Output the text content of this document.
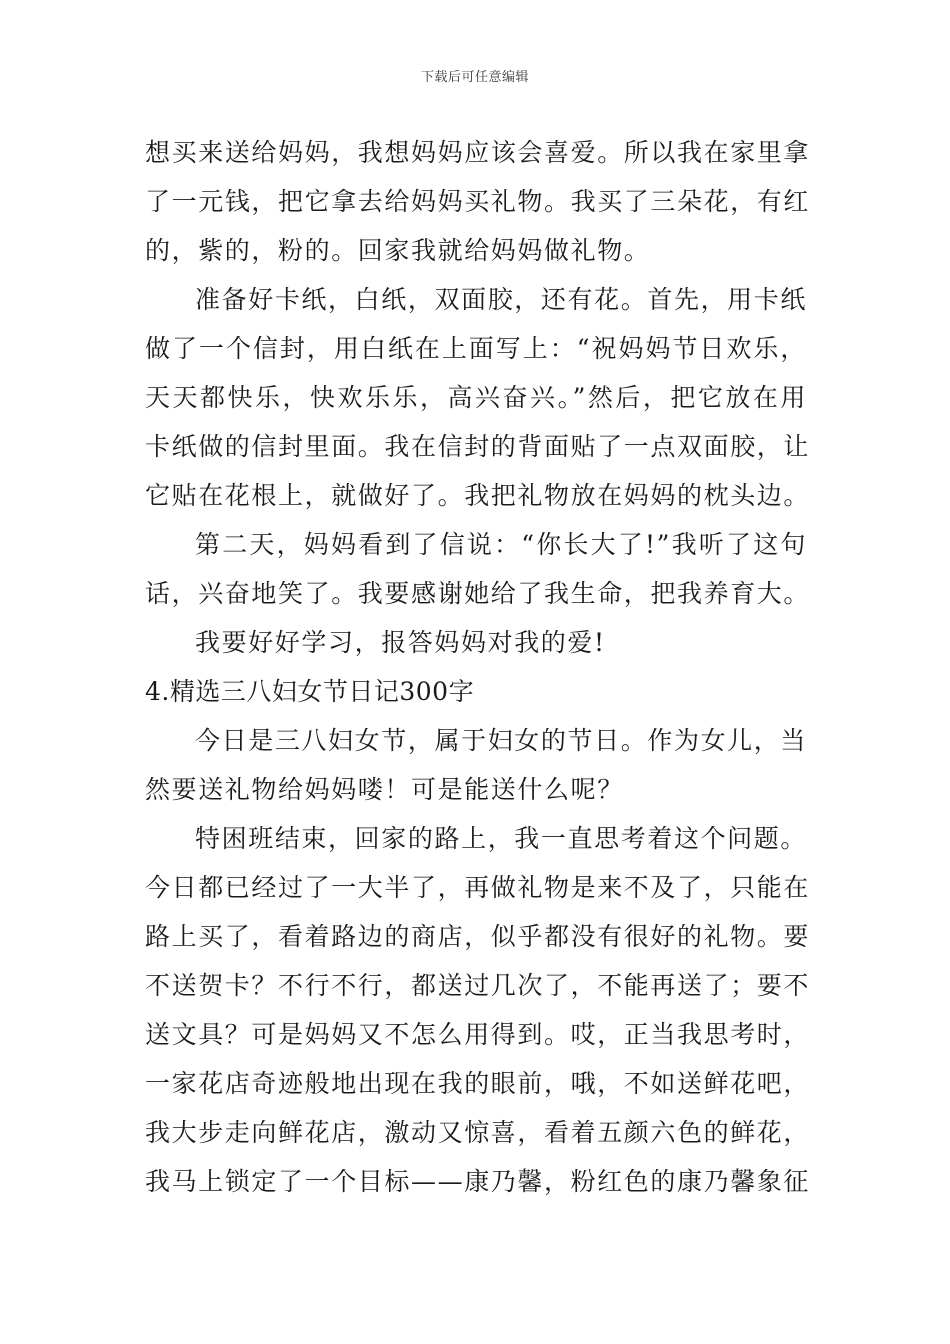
下载后可任意编辑
想买来送给妈妈，我想妈妈应该会喜爱。所以我在家里拿
了一元钱，把它拿去给妈妈买礼物。我买了三朵花，有红
的，紫的，粉的。回家我就给妈妈做礼物。
准备好卡纸，白纸，双面胶，还有花。首先，用卡纸
做了一个信封，用白纸在上面写上：“祝妈妈节日欢乐，
天天都快乐，快欢乐乐，高兴奋兴。”然后，把它放在用
卡纸做的信封里面。我在信封的背面贴了一点双面胶，让
它贴在花根上，就做好了。我把礼物放在妈妈的枕头边。
第二天，妈妈看到了信说：“你长大了!”我听了这句
话，兴奋地笑了。我要感谢她给了我生命，把我养育大。
我要好好学习，报答妈妈对我的爱!
4.精选三八妇女节日记300字
今日是三八妇女节，属于妇女的节日。作为女儿，当
然要送礼物给妈妈喽！可是能送什么呢？
特困班结束，回家的路上，我一直思考着这个问题。
今日都已经过了一大半了，再做礼物是来不及了，只能在
路上买了，看着路边的商店，似乎都没有很好的礼物。要
不送贺卡？不行不行，都送过几次了，不能再送了；要不
送文具？可是妈妈又不怎么用得到。哎，正当我思考时，
一家花店奇迹般地出现在我的眼前，哦，不如送鲜花吧，
我大步走向鲜花店，激动又惊喜，看着五颜六色的鲜花，
我马上锁定了一个目标——康乃馨，粉红色的康乃馨象征
